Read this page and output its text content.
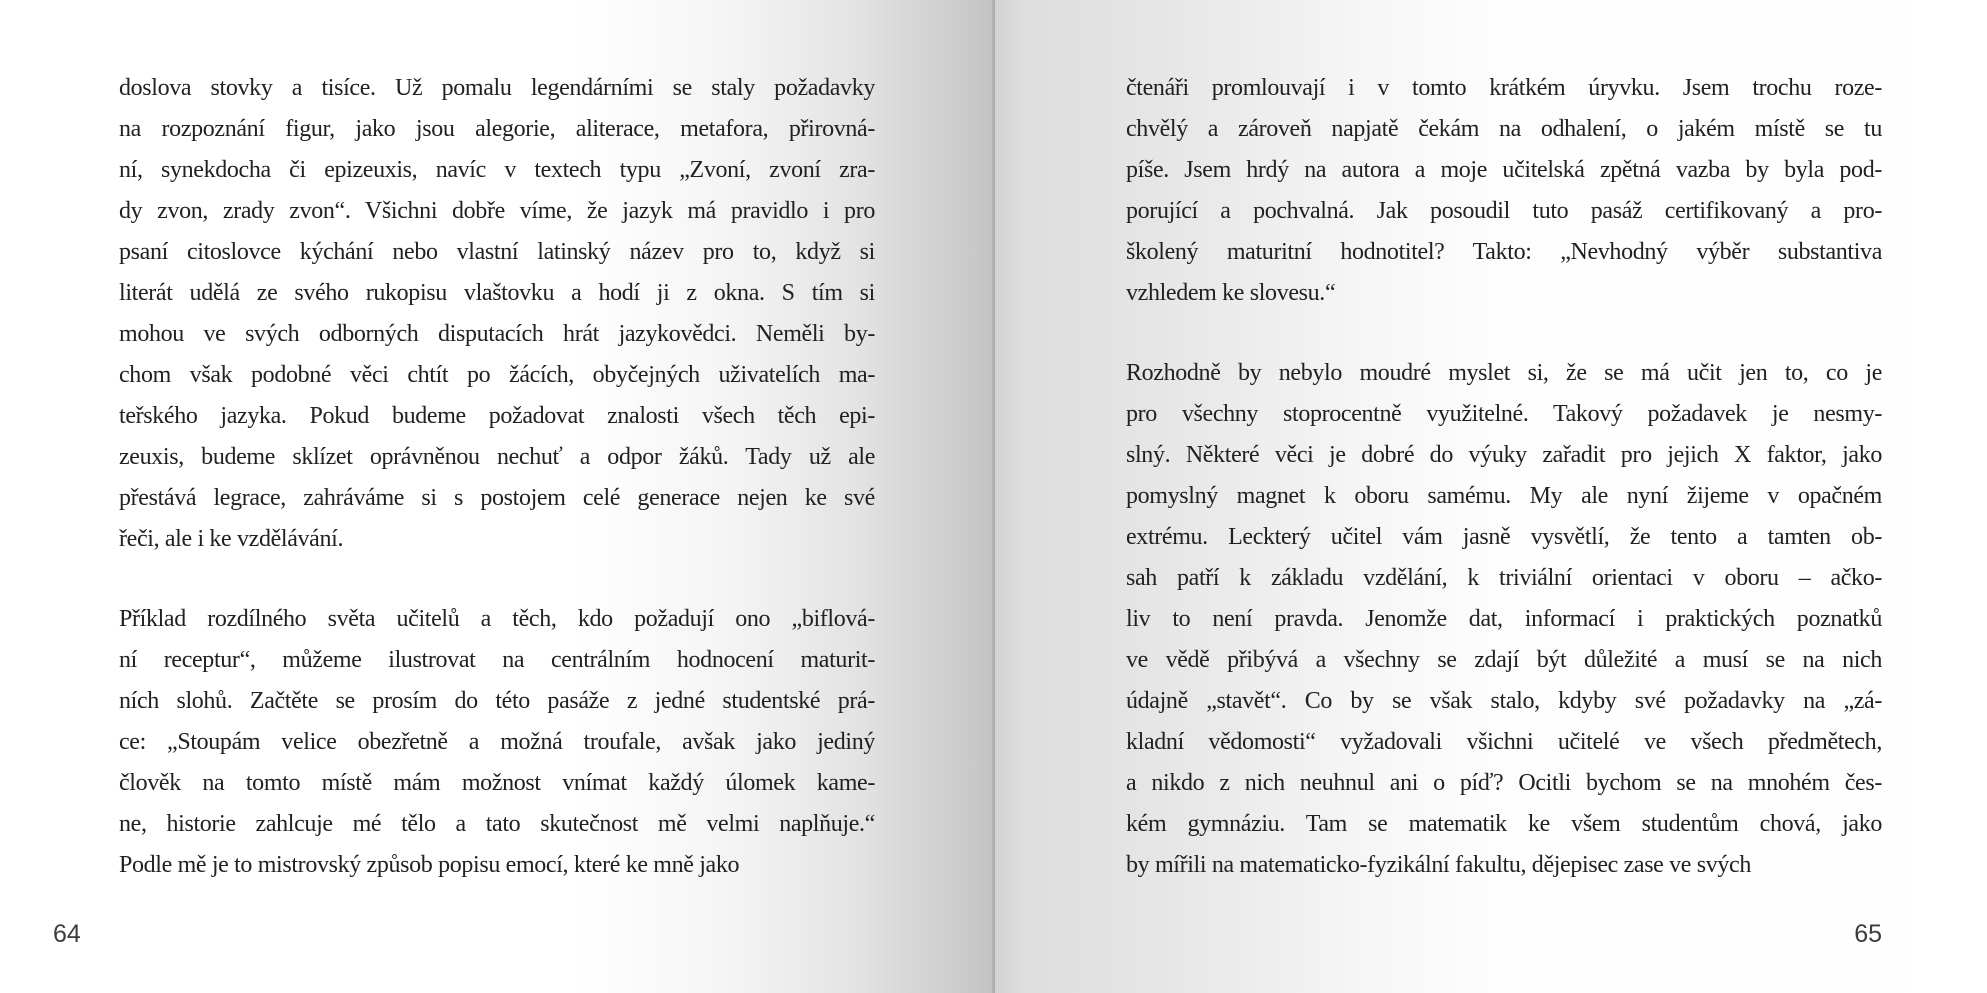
doslova stovky a tisíce. Už pomalu legendárními se staly požadavky
na rozpoznání figur, jako jsou alegorie, aliterace, metafora, přirovná-
ní, synekdocha či epizeuxis, navíc v textech typu „Zvoní, zvoní zra-
dy zvon, zrady zvon“. Všichni dobře víme, že jazyk má pravidlo i pro
psaní citoslovce kýchání nebo vlastní latinský název pro to, když si
literát udělá ze svého rukopisu vlaštovku a hodí ji z okna. S tím si
mohou ve svých odborných disputacích hrát jazykovědci. Neměli by-
chom však podobné věci chtít po žácích, obyčejných uživatelích ma-
teřského jazyka. Pokud budeme požadovat znalosti všech těch epi-
zeuxis, budeme sklízet oprávněnou nechuť a odpor žáků. Tady už ale
přestává legrace, zahráváme si s postojem celé generace nejen ke své
řeči, ale i ke vzdělávání.
Příklad rozdílného světa učitelů a těch, kdo požadují ono „biflová-
ní receptur“, můžeme ilustrovat na centrálním hodnocení maturit-
ních slohů. Začtěte se prosím do této pasáže z jedné studentské prá-
ce: „Stoupám velice obezřetně a možná troufale, avšak jako jediný
člověk na tomto místě mám možnost vnímat každý úlomek kame-
ne, historie zahlcuje mé tělo a tato skutečnost mě velmi naplňuje.“
Podle mě je to mistrovský způsob popisu emocí, které ke mně jako
64
čtenáři promlouvají i v tomto krátkém úryvku. Jsem trochu roze-
chvělý a zároveň napjatě čekám na odhalení, o jakém místě se tu
píše. Jsem hrdý na autora a moje učitelská zpětná vazba by byla pod-
porující a pochvalná. Jak posoudil tuto pasáž certifikovaný a pro-
školený maturitní hodnotitel? Takto: „Nevhodný výběr substantiva
vzhledem ke slovesu.“
Rozhodně by nebylo moudré myslet si, že se má učit jen to, co je
pro všechny stoprocentně využitelné. Takový požadavek je nesmy-
slný. Některé věci je dobré do výuky zařadit pro jejich X faktor, jako
pomyslný magnet k oboru samému. My ale nyní žijeme v opačném
extrému. Leckterý učitel vám jasně vysvětlí, že tento a tamten ob-
sah patří k základu vzdělání, k triviální orientaci v oboru – ačko-
liv to není pravda. Jenomže dat, informací i praktických poznatků
ve vědě přibývá a všechny se zdají být důležité a musí se na nich
údajně „stavět“. Co by se však stalo, kdyby své požadavky na „zá-
kladní vědomosti“ vyžadovali všichni učitelé ve všech předmětech,
a nikdo z nich neuhnul ani o píď? Ocitli bychom se na mnohém čes-
kém gymnáziu. Tam se matematik ke všem studentům chová, jako
by mířili na matematicko-fyzikální fakultu, dějepisec zase ve svých
65
